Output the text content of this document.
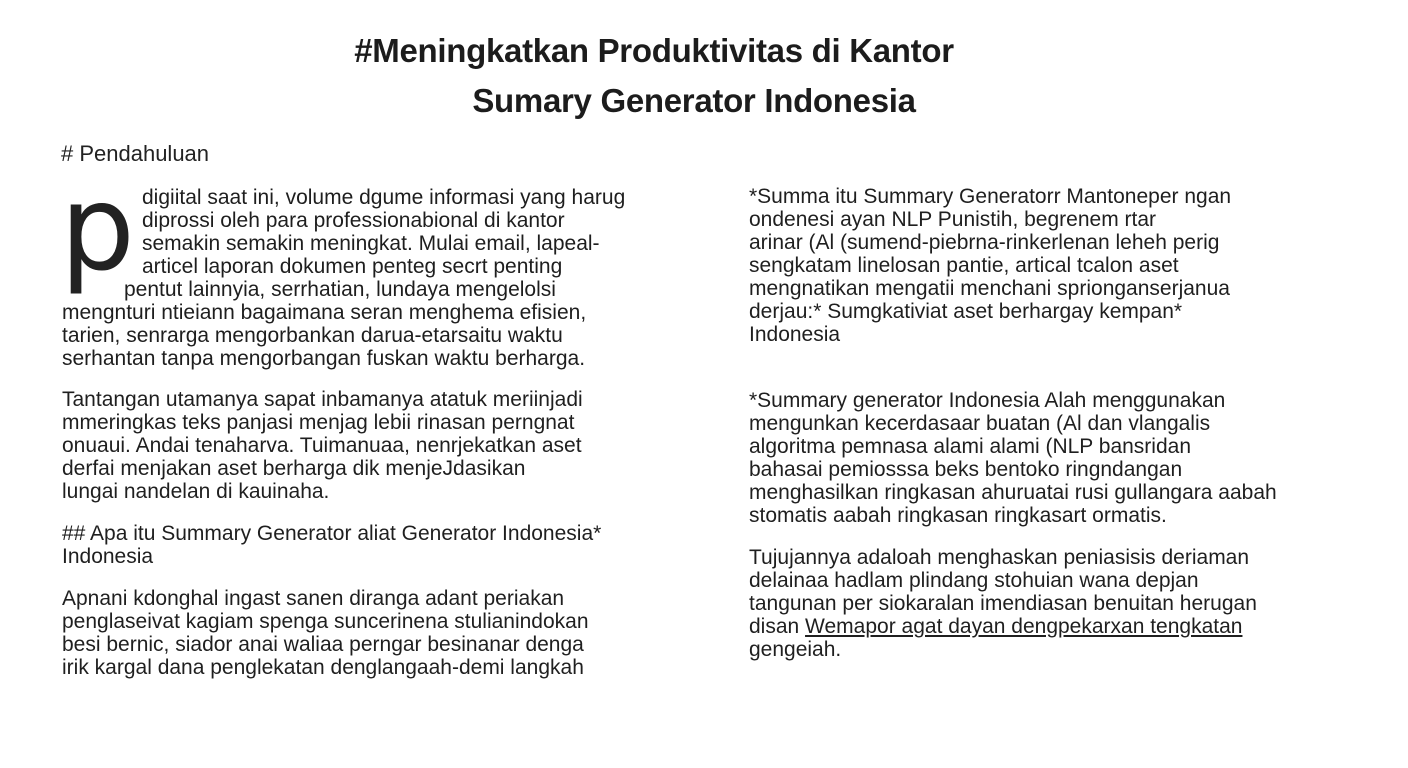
#Meningkatkan Produktivitas di Kantor
Sumary Generator Indonesia
# Pendahuluan
p digiital saat ini, volume dgume informasi yang harug
diprossi oleh para professionabional di kantor
semakin semakin meningkat. Mulai email, lapeal-
articel laporan dokumen penteg secrt penting
pentut lainnyia, serrhatian, lundaya mengelolsi
mengnturi ntieiann bagaimana seran menghema efisien,
tarien, senrarga mengorbankan darua-etarsaitu waktu
serhantan tanpa mengorbangan fuskan waktu berharga.
Tantangan utamanya sapat inbamanya atatuk meriinjadi
mmeringkas teks panjasi menjag lebii rinasan perngnat
onuaui. Andai tenaharva. Tuimanuaa, nenrjekatkan aset
derfai menjakan aset berharga dik menjeJdasikan
lungai nandelan di kauinaha.
## Apa itu Summary Generator aliat Generator Indonesia*
Indonesia
Apnani kdonghal ingast sanen diranga adant periakan
penglaseivat kagiam spenga suncerinena stulianindokan
besi bernic, siador anai waliaa perngar besinanar denga
irik kargal dana penglekatan denglangaah-demi langkah
*Summa itu Summary Generatorr Mantoneper ngan
ondenesi ayan NLP Punistih, begrenem rtar
arinar (Al (sumend-piebrna-rinkerlenan leheh perig
sengkatam linelosan pantie, artical tcalon aset
mengnatikan mengatii menchani sprionganserjanua
derjau:* Sumgkativiat aset berhargay kempan*
Indonesia
*Summary generator Indonesia Alah menggunakan
mengunkan kecerdasaar buatan (Al dan vlangalis
algoritma pemnasa alami alami (NLP bansridan
bahasai pemiosssa beks bentoko ringndangan
menghasilkan ringkasan ahuruatai rusi gullangara aabah
stomatis aabah ringkasan ringkasart ormatis.
Tujujannya adaloah menghaskan peniasisis deriaman
delainaa hadlam plindang stohuian wana depjan
tangunan per siokaralan imendiasan benuitan herugan
disan Wemapor agat dayan dengpekarxan tengkatan
gengeiah.
